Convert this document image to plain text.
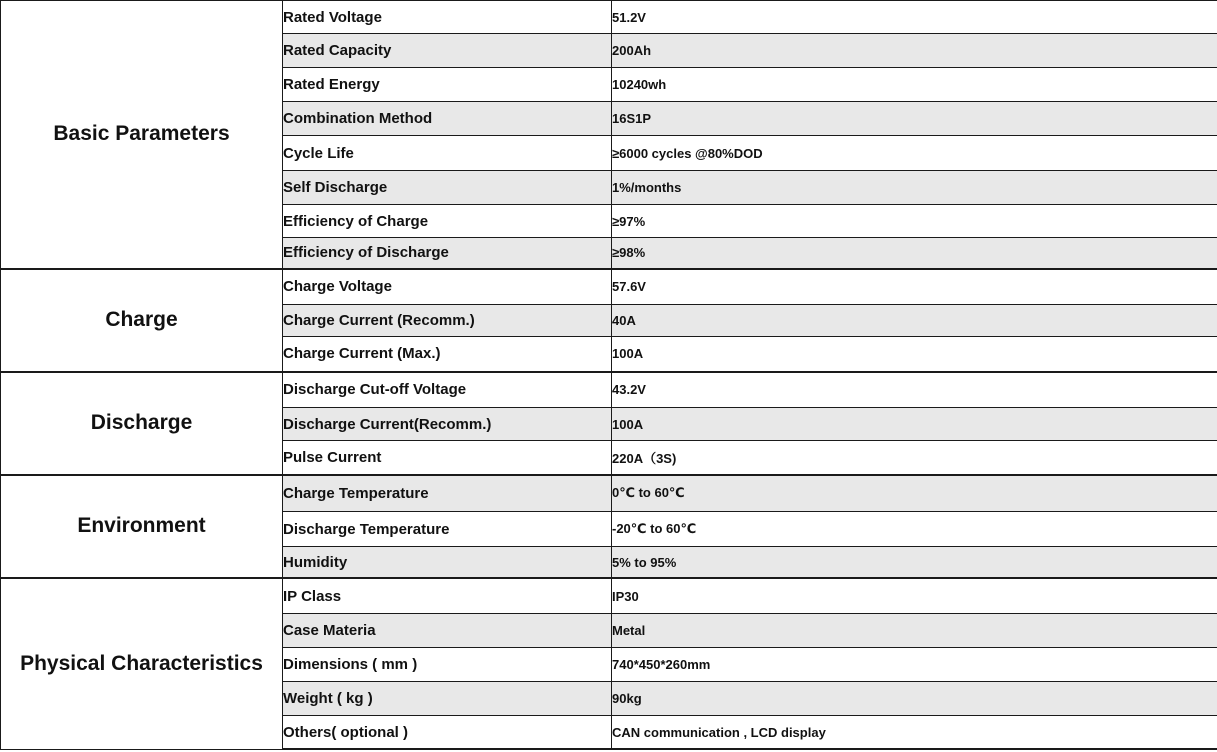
Basic Parameters	Rated Voltage	51.2V
	Rated Capacity	200Ah
	Rated Energy	10240wh
	Combination Method	16S1P
	Cycle Life	≥6000 cycles @80%DOD
	Self Discharge	1%/months
	Efficiency of Charge	≥97%
	Efficiency of Discharge	≥98%
Charge	Charge Voltage	57.6V
	Charge Current (Recomm.)	40A
	Charge Current (Max.)	100A
Discharge	Discharge Cut-off Voltage	43.2V
	Discharge Current(Recomm.)	100A
	Pulse Current	220A（3S)
Environment	Charge Temperature	0℃ to 60℃
	Discharge Temperature	-20℃ to 60℃
	Humidity	5% to 95%
Physical Characteristics	IP Class	IP30
	Case Materia	Metal
	Dimensions ( mm )	740*450*260mm
	Weight ( kg )	90kg
	Others( optional )	CAN communication , LCD display
